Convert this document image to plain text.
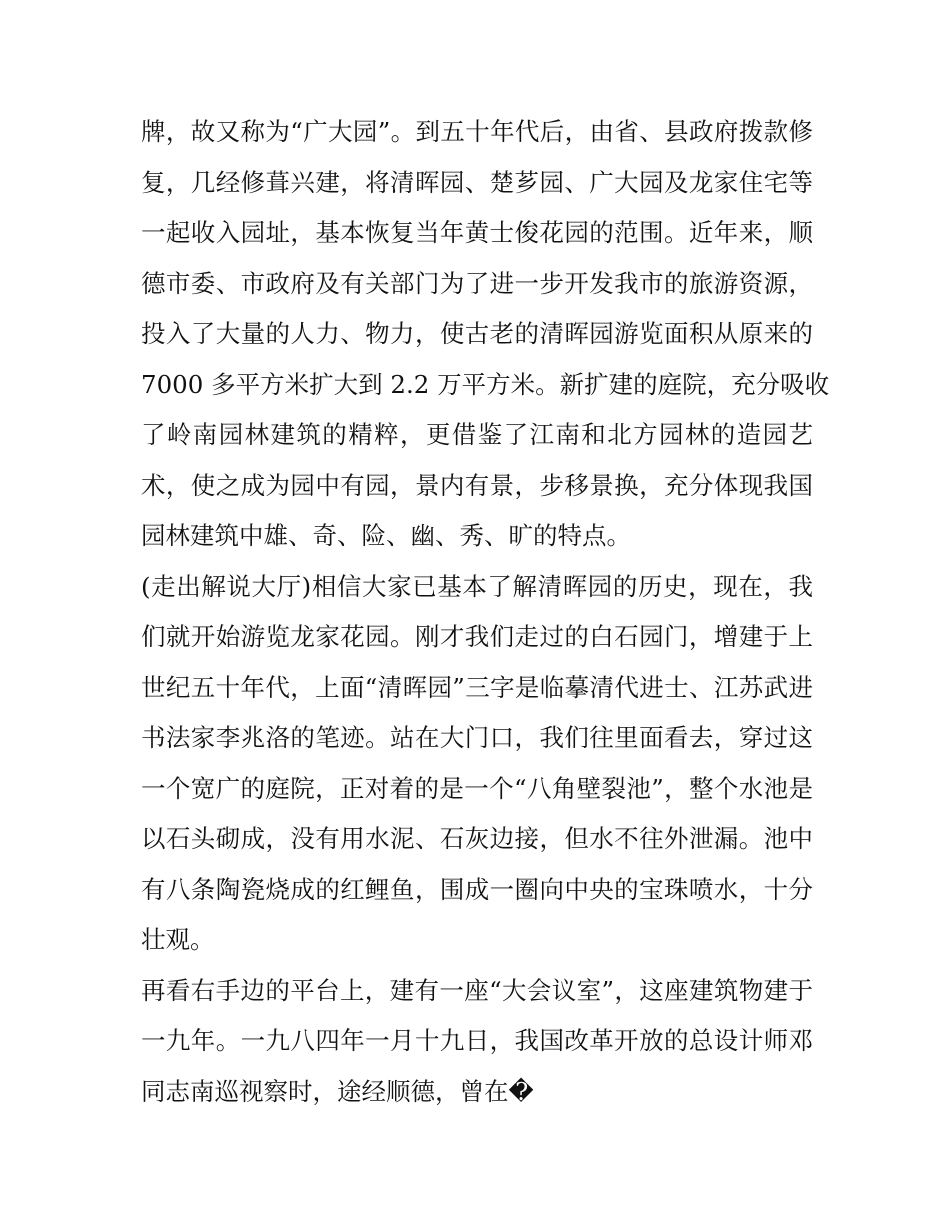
牌，故又称为“广大园”。到五十年代后，由省、县政府拨款修
复，几经修葺兴建，将清晖园、楚芗园、广大园及龙家住宅等
一起收入园址，基本恢复当年黄士俊花园的范围。近年来，顺
德市委、市政府及有关部门为了进一步开发我市的旅游资源，
投入了大量的人力、物力，使古老的清晖园游览面积从原来的
7000 多平方米扩大到 2.2 万平方米。新扩建的庭院，充分吸收
了岭南园林建筑的精粹，更借鉴了江南和北方园林的造园艺
术，使之成为园中有园，景内有景，步移景换，充分体现我国
园林建筑中雄、奇、险、幽、秀、旷的特点。
(走出解说大厅)相信大家已基本了解清晖园的历史，现在，我
们就开始游览龙家花园。刚才我们走过的白石园门，增建于上
世纪五十年代，上面“清晖园”三字是临摹清代进士、江苏武进
书法家李兆洛的笔迹。站在大门口，我们往里面看去，穿过这
一个宽广的庭院，正对着的是一个“八角壁裂池”，整个水池是
以石头砌成，没有用水泥、石灰边接，但水不往外泄漏。池中
有八条陶瓷烧成的红鲤鱼，围成一圈向中央的宝珠喷水，十分
壮观。
再看右手边的平台上，建有一座“大会议室”，这座建筑物建于
一九年。一九八四年一月十九日，我国改革开放的总设计师邓
同志南巡视察时，途经顺德，曾在�
